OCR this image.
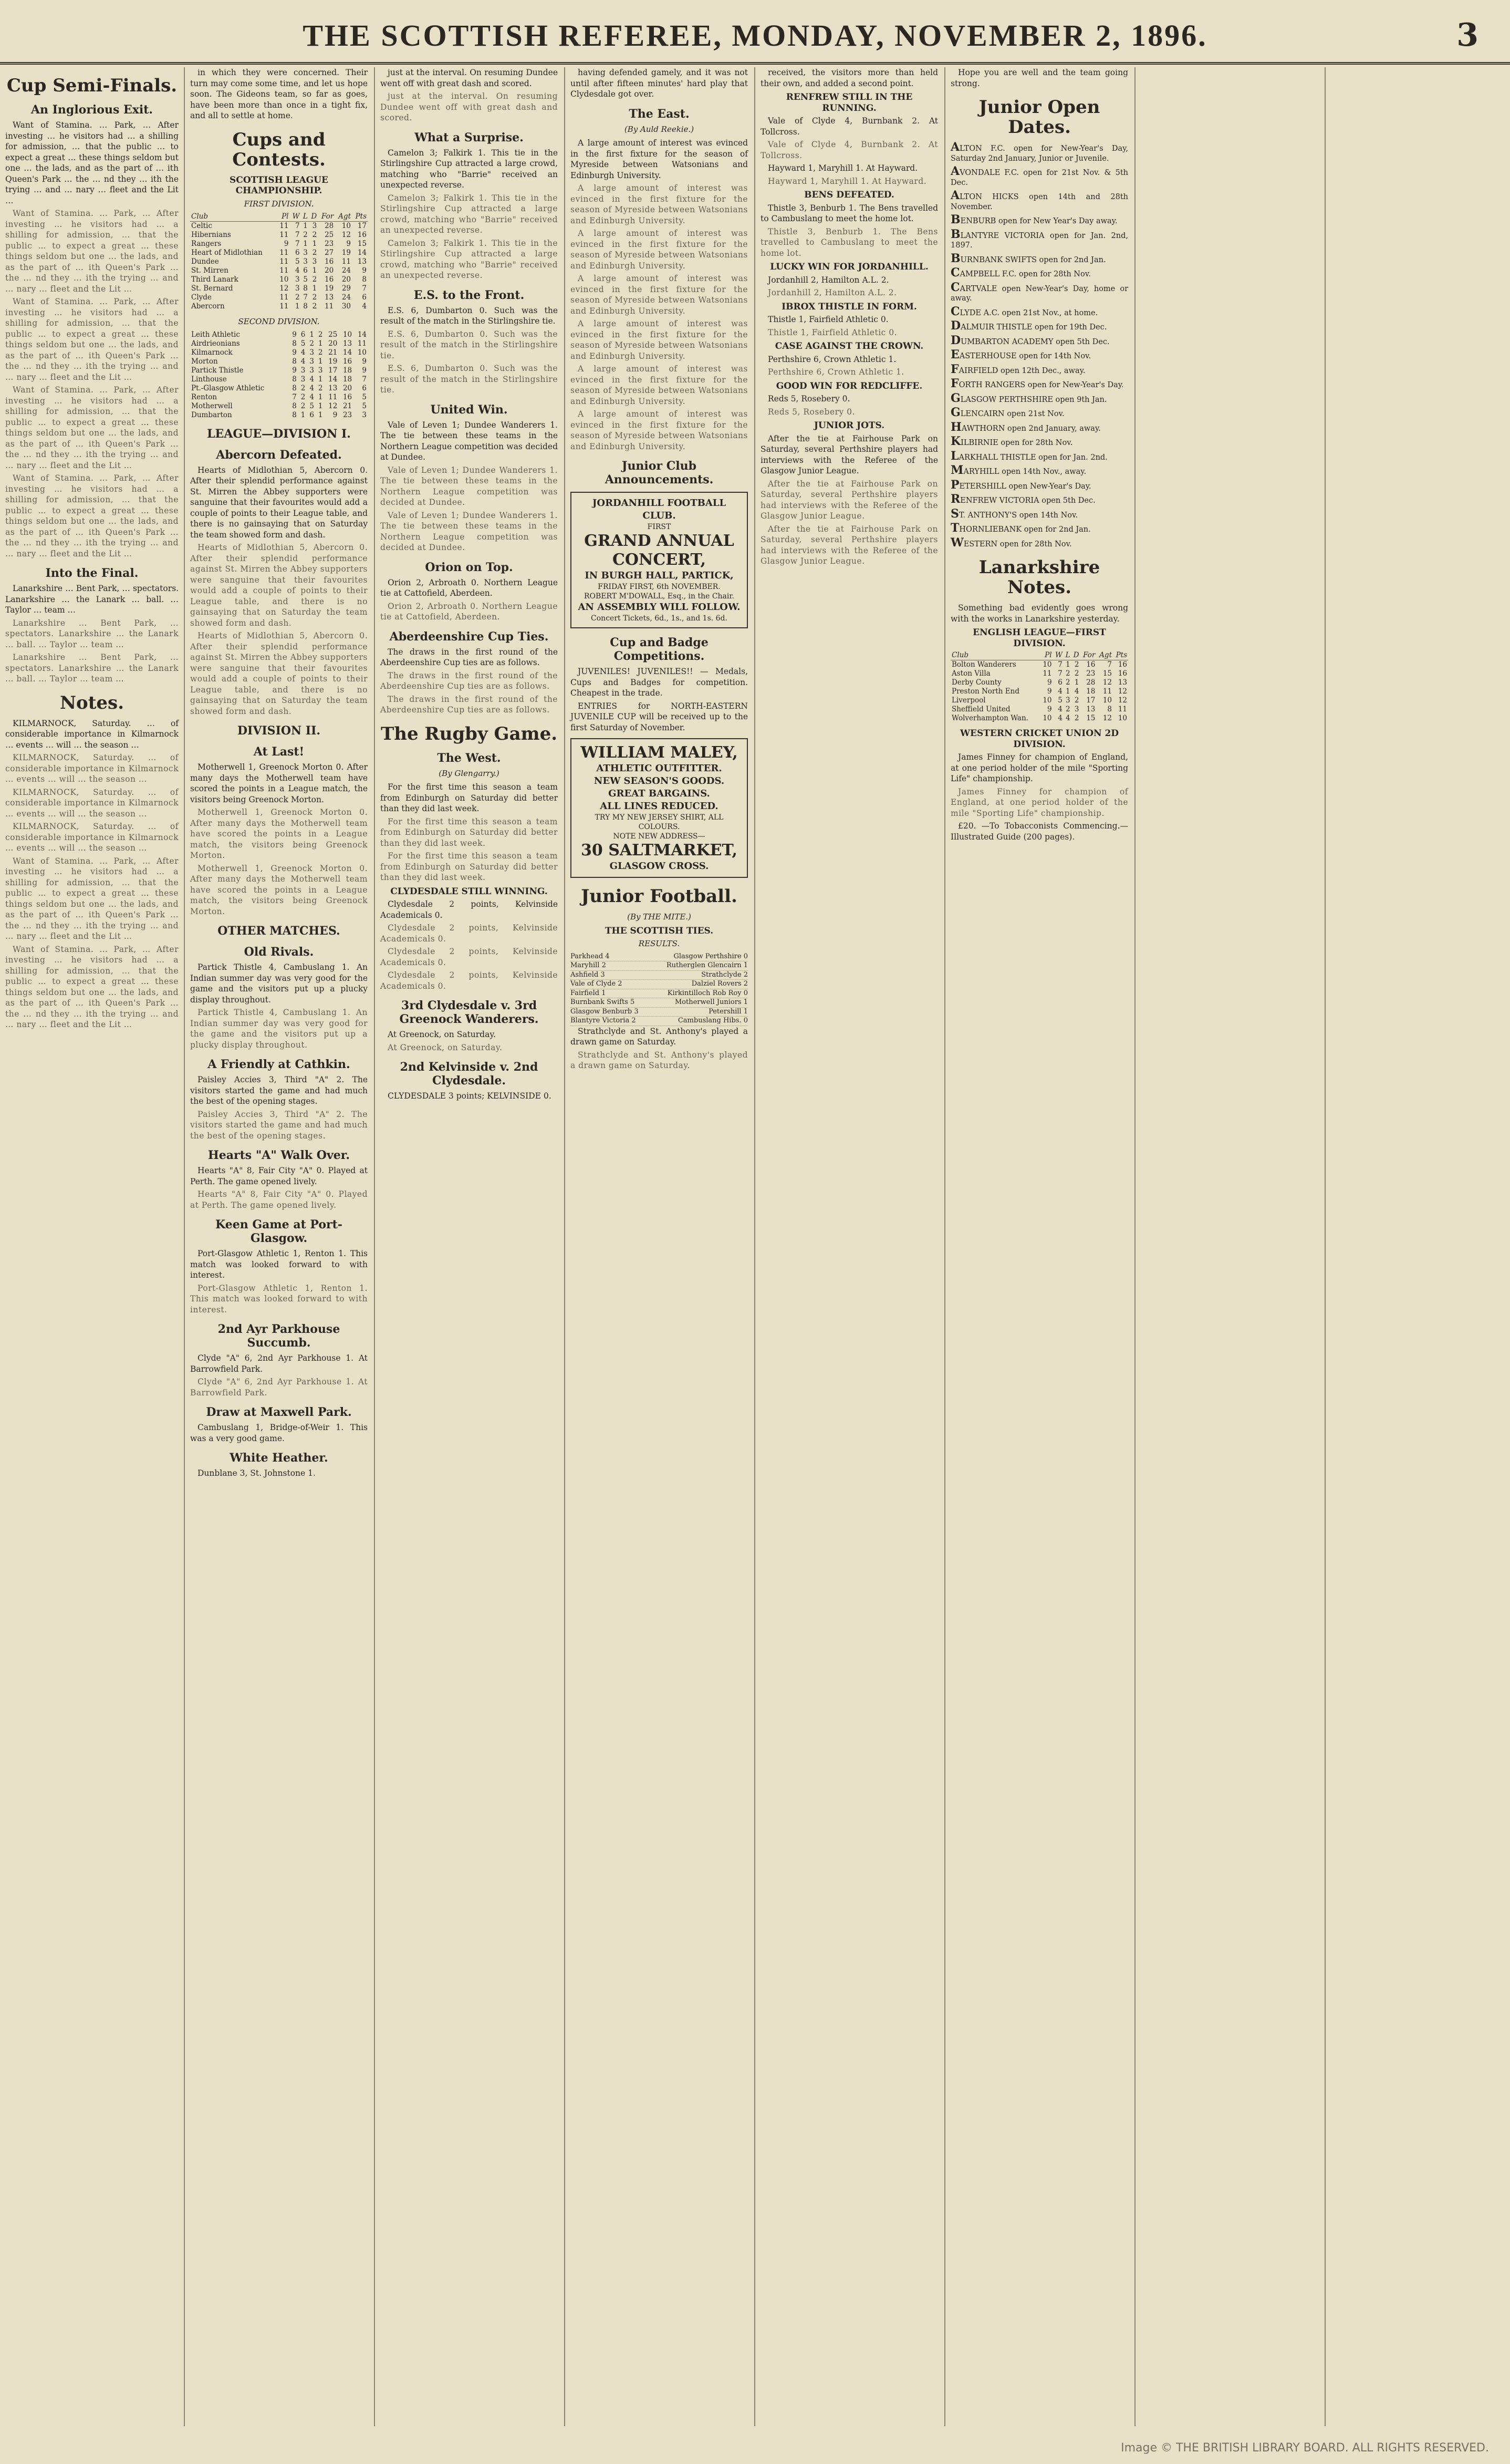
THE SCOTTISH REFEREE, MONDAY, NOVEMBER 2, 1896.	3
Cup Semi-Finals.
An Inglorious Exit.

Want of Stamina. … Park, … After investing … he visitors had … a shilling for admission, … that the public … to expect a great … these things seldom but one … the lads, and as the part of … ith Queen's Park … the … nd they … ith the trying … and … nary … fleet and the Lit …

Want of Stamina. … Park, … After investing … he visitors had … a shilling for admission, … that the public … to expect a great … these things seldom but one … the lads, and as the part of … ith Queen's Park … the … nd they … ith the trying … and … nary … fleet and the Lit …

Want of Stamina. … Park, … After investing … he visitors had … a shilling for admission, … that the public … to expect a great … these things seldom but one … the lads, and as the part of … ith Queen's Park … the … nd they … ith the trying … and … nary … fleet and the Lit …

Want of Stamina. … Park, … After investing … he visitors had … a shilling for admission, … that the public … to expect a great … these things seldom but one … the lads, and as the part of … ith Queen's Park … the … nd they … ith the trying … and … nary … fleet and the Lit …

Want of Stamina. … Park, … After investing … he visitors had … a shilling for admission, … that the public … to expect a great … these things seldom but one … the lads, and as the part of … ith Queen's Park … the … nd they … ith the trying … and … nary … fleet and the Lit …

Into the Final.

Lanarkshire … Bent Park, … spectators. Lanarkshire … the Lanark … ball. … Taylor … team …

Lanarkshire … Bent Park, … spectators. Lanarkshire … the Lanark … ball. … Taylor … team …

Lanarkshire … Bent Park, … spectators. Lanarkshire … the Lanark … ball. … Taylor … team …

Notes.

KILMARNOCK, Saturday. … of considerable importance in Kilmarnock … events … will … the season …

KILMARNOCK, Saturday. … of considerable importance in Kilmarnock … events … will … the season …

KILMARNOCK, Saturday. … of considerable importance in Kilmarnock … events … will … the season …

KILMARNOCK, Saturday. … of considerable importance in Kilmarnock … events … will … the season …

Want of Stamina. … Park, … After investing … he visitors had … a shilling for admission, … that the public … to expect a great … these things seldom but one … the lads, and as the part of … ith Queen's Park … the … nd they … ith the trying … and … nary … fleet and the Lit …

Want of Stamina. … Park, … After investing … he visitors had … a shilling for admission, … that the public … to expect a great … these things seldom but one … the lads, and as the part of … ith Queen's Park … the … nd they … ith the trying … and … nary … fleet and the Lit …

in which they were concerned. Their turn may come some time, and let us hope soon. The Gideons team, so far as goes, have been more than once in a tight fix, and all to settle at home.

Cups and Contests.
SCOTTISH LEAGUE CHAMPIONSHIP.
FIRST DIVISION.
Club	Pl	W	L	D	For	Agt	Pts
Celtic	11	7	1	3	28	10	17
Hibernians	11	7	2	2	25	12	16
Rangers	9	7	1	1	23	9	15
Heart of Midlothian	11	6	3	2	27	19	14
Dundee	11	5	3	3	16	11	13
St. Mirren	11	4	6	1	20	24	9
Third Lanark	10	3	5	2	16	20	8
St. Bernard	12	3	8	1	19	29	7
Clyde	11	2	7	2	13	24	6
Abercorn	11	1	8	2	11	30	4
SECOND DIVISION.
Leith Athletic	9	6	1	2	25	10	14
Airdrieonians	8	5	2	1	20	13	11
Kilmarnock	9	4	3	2	21	14	10
Morton	8	4	3	1	19	16	9
Partick Thistle	9	3	3	3	17	18	9
Linthouse	8	3	4	1	14	18	7
Pt.-Glasgow Athletic	8	2	4	2	13	20	6
Renton	7	2	4	1	11	16	5
Motherwell	8	2	5	1	12	21	5
Dumbarton	8	1	6	1	9	23	3
LEAGUE—DIVISION I.
Abercorn Defeated.

Hearts of Midlothian 5, Abercorn 0. After their splendid performance against St. Mirren the Abbey supporters were sanguine that their favourites would add a couple of points to their League table, and there is no gainsaying that on Saturday the team showed form and dash.

Hearts of Midlothian 5, Abercorn 0. After their splendid performance against St. Mirren the Abbey supporters were sanguine that their favourites would add a couple of points to their League table, and there is no gainsaying that on Saturday the team showed form and dash.

Hearts of Midlothian 5, Abercorn 0. After their splendid performance against St. Mirren the Abbey supporters were sanguine that their favourites would add a couple of points to their League table, and there is no gainsaying that on Saturday the team showed form and dash.

DIVISION II.
At Last!

Motherwell 1, Greenock Morton 0. After many days the Motherwell team have scored the points in a League match, the visitors being Greenock Morton.

Motherwell 1, Greenock Morton 0. After many days the Motherwell team have scored the points in a League match, the visitors being Greenock Morton.

Motherwell 1, Greenock Morton 0. After many days the Motherwell team have scored the points in a League match, the visitors being Greenock Morton.

OTHER MATCHES.
Old Rivals.

Partick Thistle 4, Cambuslang 1. An Indian summer day was very good for the game and the visitors put up a plucky display throughout.

Partick Thistle 4, Cambuslang 1. An Indian summer day was very good for the game and the visitors put up a plucky display throughout.

A Friendly at Cathkin.

Paisley Accies 3, Third "A" 2. The visitors started the game and had much the best of the opening stages.

Paisley Accies 3, Third "A" 2. The visitors started the game and had much the best of the opening stages.

Hearts "A" Walk Over.

Hearts "A" 8, Fair City "A" 0. Played at Perth. The game opened lively.

Hearts "A" 8, Fair City "A" 0. Played at Perth. The game opened lively.

Keen Game at Port-Glasgow.

Port-Glasgow Athletic 1, Renton 1. This match was looked forward to with interest.

Port-Glasgow Athletic 1, Renton 1. This match was looked forward to with interest.

2nd Ayr Parkhouse Succumb.

Clyde "A" 6, 2nd Ayr Parkhouse 1. At Barrowfield Park.

Clyde "A" 6, 2nd Ayr Parkhouse 1. At Barrowfield Park.

Draw at Maxwell Park.

Cambuslang 1, Bridge-of-Weir 1. This was a very good game.

White Heather.

Dunblane 3, St. Johnstone 1.

just at the interval. On resuming Dundee went off with great dash and scored.

just at the interval. On resuming Dundee went off with great dash and scored.

What a Surprise.

Camelon 3; Falkirk 1. This tie in the Stirlingshire Cup attracted a large crowd, matching who "Barrie" received an unexpected reverse.

Camelon 3; Falkirk 1. This tie in the Stirlingshire Cup attracted a large crowd, matching who "Barrie" received an unexpected reverse.

Camelon 3; Falkirk 1. This tie in the Stirlingshire Cup attracted a large crowd, matching who "Barrie" received an unexpected reverse.

E.S. to the Front.

E.S. 6, Dumbarton 0. Such was the result of the match in the Stirlingshire tie.

E.S. 6, Dumbarton 0. Such was the result of the match in the Stirlingshire tie.

E.S. 6, Dumbarton 0. Such was the result of the match in the Stirlingshire tie.

United Win.

Vale of Leven 1; Dundee Wanderers 1. The tie between these teams in the Northern League competition was decided at Dundee.

Vale of Leven 1; Dundee Wanderers 1. The tie between these teams in the Northern League competition was decided at Dundee.

Vale of Leven 1; Dundee Wanderers 1. The tie between these teams in the Northern League competition was decided at Dundee.

Orion on Top.

Orion 2, Arbroath 0. Northern League tie at Cattofield, Aberdeen.

Orion 2, Arbroath 0. Northern League tie at Cattofield, Aberdeen.

Aberdeenshire Cup Ties.

The draws in the first round of the Aberdeenshire Cup ties are as follows.

The draws in the first round of the Aberdeenshire Cup ties are as follows.

The draws in the first round of the Aberdeenshire Cup ties are as follows.

The Rugby Game.
The West.
(By Glengarry.)

For the first time this season a team from Edinburgh on Saturday did better than they did last week.

For the first time this season a team from Edinburgh on Saturday did better than they did last week.

For the first time this season a team from Edinburgh on Saturday did better than they did last week.

CLYDESDALE STILL WINNING.

Clydesdale 2 points, Kelvinside Academicals 0.

Clydesdale 2 points, Kelvinside Academicals 0.

Clydesdale 2 points, Kelvinside Academicals 0.

Clydesdale 2 points, Kelvinside Academicals 0.

3rd Clydesdale v. 3rd Greenock Wanderers.

At Greenock, on Saturday.

At Greenock, on Saturday.

2nd Kelvinside v. 2nd Clydesdale.

CLYDESDALE 3 points; KELVINSIDE 0.

having defended gamely, and it was not until after fifteen minutes' hard play that Clydesdale got over.

The East.
(By Auld Reekie.)

A large amount of interest was evinced in the first fixture for the season of Myreside between Watsonians and Edinburgh University.

A large amount of interest was evinced in the first fixture for the season of Myreside between Watsonians and Edinburgh University.

A large amount of interest was evinced in the first fixture for the season of Myreside between Watsonians and Edinburgh University.

A large amount of interest was evinced in the first fixture for the season of Myreside between Watsonians and Edinburgh University.

A large amount of interest was evinced in the first fixture for the season of Myreside between Watsonians and Edinburgh University.

A large amount of interest was evinced in the first fixture for the season of Myreside between Watsonians and Edinburgh University.

A large amount of interest was evinced in the first fixture for the season of Myreside between Watsonians and Edinburgh University.

Junior Club Announcements.
JORDANHILL FOOTBALL CLUB.
FIRST
GRAND ANNUAL CONCERT,
IN BURGH HALL, PARTICK,
FRIDAY FIRST, 6th NOVEMBER.
ROBERT M'DOWALL, Esq., in the Chair.
AN ASSEMBLY WILL FOLLOW.
Concert Tickets, 6d., 1s., and 1s. 6d.
Cup and Badge Competitions.

JUVENILES! JUVENILES!! — Medals, Cups and Badges for competition. Cheapest in the trade.

ENTRIES for NORTH-EASTERN JUVENILE CUP will be received up to the first Saturday of November.

WILLIAM MALEY,
ATHLETIC OUTFITTER.
NEW SEASON'S GOODS.
GREAT BARGAINS.
ALL LINES REDUCED.
TRY MY NEW JERSEY SHIRT, ALL COLOURS.
NOTE NEW ADDRESS—
30 SALTMARKET,
GLASGOW CROSS.
Junior Football.
(By THE MITE.)
THE SCOTTISH TIES.
RESULTS.
Parkhead 4	Glasgow Perthshire 0
Maryhill 2	Rutherglen Glencairn 1
Ashfield 3	Strathclyde 2
Vale of Clyde 2	Dalziel Rovers 2
Fairfield 1	Kirkintilloch Rob Roy 0
Burnbank Swifts 5	Motherwell Juniors 1
Glasgow Benburb 3	Petershill 1
Blantyre Victoria 2	Cambuslang Hibs. 0

Strathclyde and St. Anthony's played a drawn game on Saturday.

Strathclyde and St. Anthony's played a drawn game on Saturday.

received, the visitors more than held their own, and added a second point.

RENFREW STILL IN THE RUNNING.

Vale of Clyde 4, Burnbank 2. At Tollcross.

Vale of Clyde 4, Burnbank 2. At Tollcross.

Hayward 1, Maryhill 1. At Hayward.

Hayward 1, Maryhill 1. At Hayward.

BENS DEFEATED.

Thistle 3, Benburb 1. The Bens travelled to Cambuslang to meet the home lot.

Thistle 3, Benburb 1. The Bens travelled to Cambuslang to meet the home lot.

LUCKY WIN FOR JORDANHILL.

Jordanhill 2, Hamilton A.L. 2.

Jordanhill 2, Hamilton A.L. 2.

IBROX THISTLE IN FORM.

Thistle 1, Fairfield Athletic 0.

Thistle 1, Fairfield Athletic 0.

CASE AGAINST THE CROWN.

Perthshire 6, Crown Athletic 1.

Perthshire 6, Crown Athletic 1.

GOOD WIN FOR REDCLIFFE.

Reds 5, Rosebery 0.

Reds 5, Rosebery 0.

JUNIOR JOTS.

After the tie at Fairhouse Park on Saturday, several Perthshire players had interviews with the Referee of the Glasgow Junior League.

After the tie at Fairhouse Park on Saturday, several Perthshire players had interviews with the Referee of the Glasgow Junior League.

After the tie at Fairhouse Park on Saturday, several Perthshire players had interviews with the Referee of the Glasgow Junior League.

Hope you are well and the team going strong.

Junior Open Dates.

ALTON F.C. open for New-Year's Day, Saturday 2nd January, Junior or Juvenile.

AVONDALE F.C. open for 21st Nov. & 5th Dec.

ALTON HICKS open 14th and 28th November.

BENBURB open for New Year's Day away.

BLANTYRE VICTORIA open for Jan. 2nd, 1897.

BURNBANK SWIFTS open for 2nd Jan.

CAMPBELL F.C. open for 28th Nov.

CARTVALE open New-Year's Day, home or away.

CLYDE A.C. open 21st Nov., at home.

DALMUIR THISTLE open for 19th Dec.

DUMBARTON ACADEMY open 5th Dec.

EASTERHOUSE open for 14th Nov.

FAIRFIELD open 12th Dec., away.

FORTH RANGERS open for New-Year's Day.

GLASGOW PERTHSHIRE open 9th Jan.

GLENCAIRN open 21st Nov.

HAWTHORN open 2nd January, away.

KILBIRNIE open for 28th Nov.

LARKHALL THISTLE open for Jan. 2nd.

MARYHILL open 14th Nov., away.

PETERSHILL open New-Year's Day.

RENFREW VICTORIA open 5th Dec.

ST. ANTHONY'S open 14th Nov.

THORNLIEBANK open for 2nd Jan.

WESTERN open for 28th Nov.

Lanarkshire Notes.

Something bad evidently goes wrong with the works in Lanarkshire yesterday.

ENGLISH LEAGUE—FIRST DIVISION.
Club	Pl	W	L	D	For	Agt	Pts
Bolton Wanderers	10	7	1	2	16	7	16
Aston Villa	11	7	2	2	23	15	16
Derby County	9	6	2	1	28	12	13
Preston North End	9	4	1	4	18	11	12
Liverpool	10	5	3	2	17	10	12
Sheffield United	9	4	2	3	13	8	11
Wolverhampton Wan.	10	4	4	2	15	12	10
WESTERN CRICKET UNION 2D DIVISION.

James Finney for champion of England, at one period holder of the mile "Sporting Life" championship.

James Finney for champion of England, at one period holder of the mile "Sporting Life" championship.

£20. —To Tobacconists Commencing.—Illustrated Guide (200 pages).

Image © THE BRITISH LIBRARY BOARD. ALL RIGHTS RESERVED.
